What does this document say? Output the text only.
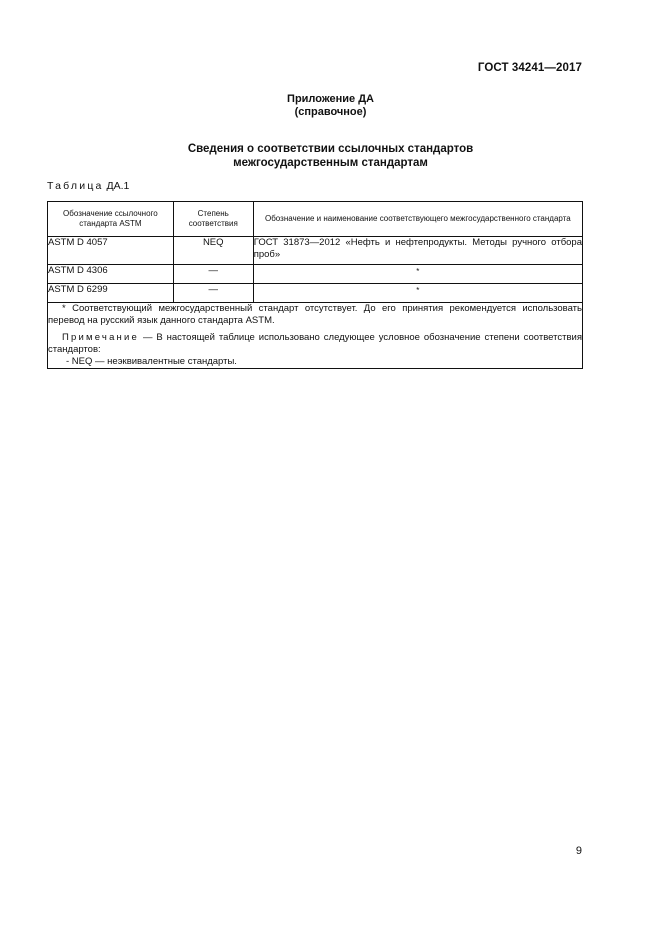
ГОСТ 34241—2017
Приложение ДА
(справочное)
Сведения о соответствии ссылочных стандартов
межгосударственным стандартам
Таблица ДА.1
Обозначение ссылочного стандарта ASTM	Степень соответствия	Обозначение и наименование соответствующего межгосударственного стандарта
ASTM D 4057	NEQ	ГОСТ 31873—2012 «Нефть и нефтепродукты. Методы ручного отбора проб»
ASTM D 4306	—	*
ASTM D 6299	—	*

* Соответствующий межгосударственный стандарт отсутствует. До его принятия рекомендуется использовать перевод на русский язык данного стандарта ASTM.

Примечание — В настоящей таблице использовано следующее условное обозначение степени соответствия стандартов:

- NEQ — неэквивалентные стандарты.		

9
